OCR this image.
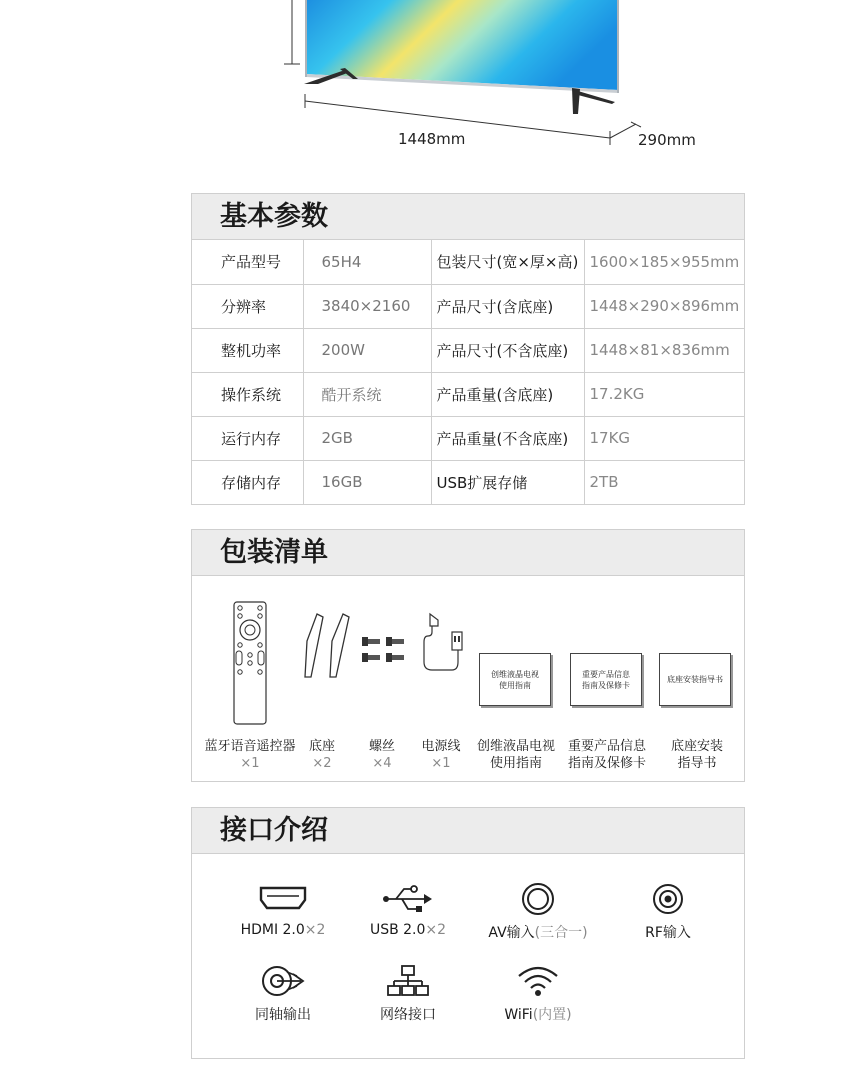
1448mm	290mm
基本参数
产品型号	65H4	包装尺寸(宽×厚×高)	1600×185×955mm
分辨率	3840×2160	产品尺寸(含底座)	1448×290×896mm
整机功率	200W	产品尺寸(不含底座)	1448×81×836mm
操作系统	酷开系统	产品重量(含底座)	17.2KG
运行内存	2GB	产品重量(不含底座)	17KG
存储内存	16GB	USB扩展存储	2TB
包装清单
创维液晶电视
使用指南
重要产品信息
指南及保修卡
底座安装指导书
蓝牙语音遥控器
×1
底座
×2
螺丝
×4
电源线
×1
创维液晶电视
使用指南
重要产品信息
指南及保修卡
底座安装
指导书
接口介绍
HDMI 2.0×2	USB 2.0×2	AV输入(三合一)	RF输入
同轴输出	网络接口	WiFi(内置)
